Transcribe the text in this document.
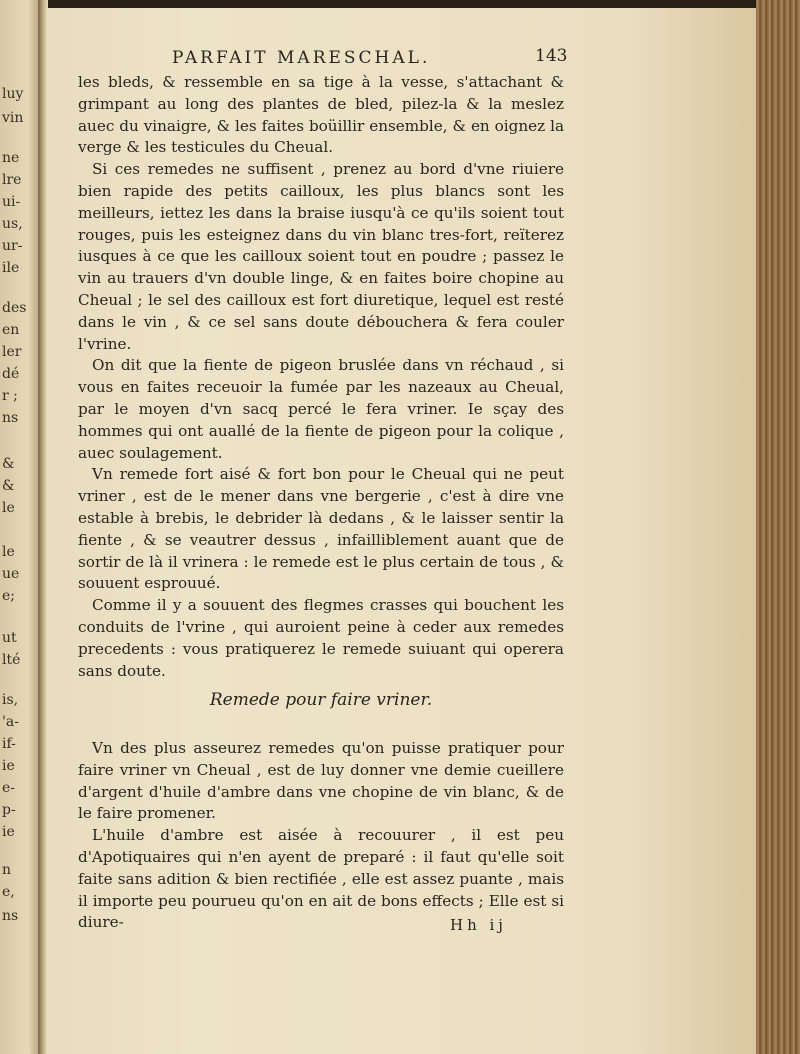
luy
vin
ne
lre
ui-
us,
ur-
ile
des
en
ler
dé
r ;
ns
&
&
le
le
ue
e;
ut
lté
is,
'a-
if-
ie
e-
p-
ie
n
e,
ns
PARFAIT MARESCHAL.	143

les bleds, & ressemble en sa tige à la vesse, s'attachant & grimpant au long des plantes de bled, pilez-la & la meslez auec du vinaigre, & les faites boüillir ensemble, & en oignez la verge & les testicules du Cheual.

Si ces remedes ne suffisent , prenez au bord d'vne riuiere bien rapide des petits cailloux, les plus blancs sont les meilleurs, iettez les dans la braise iusqu'à ce qu'ils soient tout rouges, puis les esteignez dans du vin blanc tres-fort, reïterez iusques à ce que les cailloux soient tout en poudre ; passez le vin au trauers d'vn double linge, & en faites boire chopine au Cheual ; le sel des cailloux est fort diuretique, lequel est resté dans le vin , & ce sel sans doute débouchera & fera couler l'vrine.

On dit que la fiente de pigeon bruslée dans vn réchaud , si vous en faites receuoir la fumée par les nazeaux au Cheual, par le moyen d'vn sacq percé le fera vriner. Ie sçay des hommes qui ont auallé de la fiente de pigeon pour la colique , auec soulagement.

Vn remede fort aisé & fort bon pour le Cheual qui ne peut vriner , est de le mener dans vne bergerie , c'est à dire vne estable à brebis, le debrider là dedans , & le laisser sentir la fiente , & se veautrer dessus , infailliblement auant que de sortir de là il vrinera : le remede est le plus certain de tous , & souuent esprouué.

Comme il y a souuent des flegmes crasses qui bouchent les conduits de l'vrine , qui auroient peine à ceder aux remedes precedents : vous pratiquerez le remede suiuant qui operera sans doute.

Remede pour faire vriner.

Vn des plus asseurez remedes qu'on puisse pratiquer pour faire vriner vn Cheual , est de luy donner vne demie cueillere d'argent d'huile d'ambre dans vne chopine de vin blanc, & de le faire promener.

L'huile d'ambre est aisée à recouurer , il est peu d'Apotiquaires qui n'en ayent de preparé : il faut qu'elle soit faite sans adition & bien rectifiée , elle est assez puante , mais il importe peu pourueu qu'on en ait de bons effects ; Elle est si diure-	Hh ij
